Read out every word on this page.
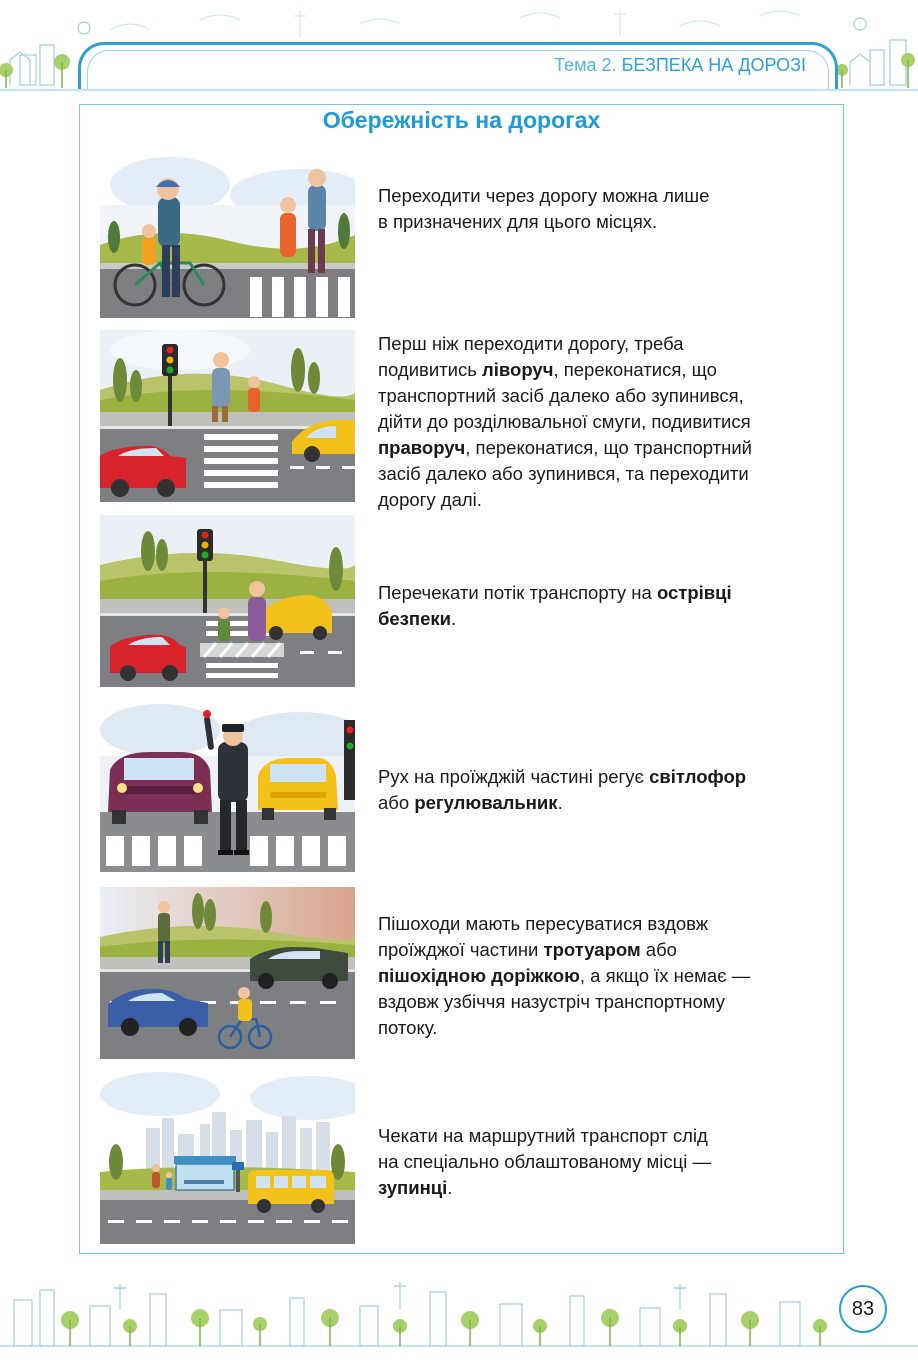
Тема 2. БЕЗПЕКА НА ДОРОЗІ
Обережність на дорогах
Переходити через дорогу можна лише
в призначених для цього місцях.
Перш ніж переходити дорогу, треба
подивитись ліворуч, переконатися, що
транспортний засіб далеко або зупинився,
дійти до розділювальної смуги, подивитися
праворуч, переконатися, що транспортний
засіб далеко або зупинився, та переходити
дорогу далі.
Перечекати потік транспорту на острівці
безпеки.
Рух на проїжджій частині регує світлофор
або регулювальник.
Пішоходи мають пересуватися вздовж
проїжджої частини тротуаром або
пішохідною доріжкою, а якщо їх немає —
вздовж узбіччя назустріч транспортному
потоку.
Чекати на маршрутний транспорт слід
на спеціально облаштованому місці —
зупинці.
83
